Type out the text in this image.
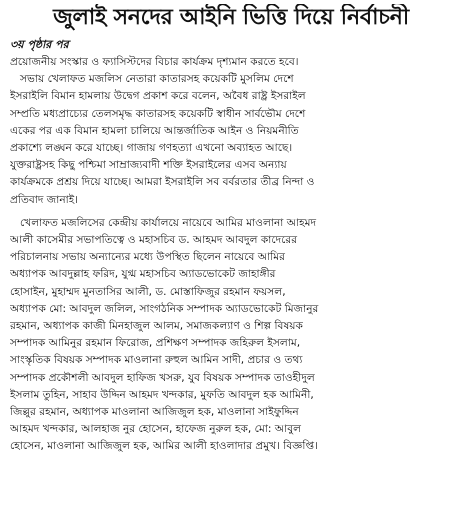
জুলাই সনদের আইনি ভিত্তি দিয়ে নির্বাচনী
৩য় পৃষ্ঠার পর

প্রয়োজনীয় সংস্কার ও ফ্যাসিস্টদের বিচার কার্যক্রম দৃশ্যমান করতে হবে।
সভায় খেলাফত মজলিস নেতারা কাতারসহ কয়েকটি মুসলিম দেশে
ইসরাইলি বিমান হামলায় উদ্বেগ প্রকাশ করে বলেন, অবৈধ রাষ্ট্র ইসরাইল
সম্প্রতি মধ্যপ্রাচ্যের তেলসমৃদ্ধ কাতারসহ কয়েকটি স্বাধীন সার্বভৌম দেশে
একের পর এক বিমান হামলা চালিয়ে আন্তর্জাতিক আইন ও নিয়মনীতি
প্রকাশ্যে লঙ্ঘন করে যাচ্ছে। গাজায় গণহত্যা এখনো অব্যাহত আছে।
যুক্তরাষ্ট্রসহ কিছু পশ্চিমা সাম্রাজ্যবাদী শক্তি ইসরাইলের এসব অন্যায়
কার্যক্রমকে প্রশ্রয় দিয়ে যাচ্ছে। আমরা ইসরাইলি সব বর্বরতার তীব্র নিন্দা ও
প্রতিবাদ জানাই।

খেলাফত মজলিসের কেন্দ্রীয় কার্যালয়ে নায়েবে আমির মাওলানা আহমদ
আলী কাসেমীর সভাপতিত্বে ও মহাসচিব ড. আহমদ আবদুল কাদেরের
পরিচালনায় সভায় অন্যান্যের মধ্যে উপস্থিত ছিলেন নায়েবে আমির
অধ্যাপক আবদুল্লাহ ফরিদ, যুগ্ম মহাসচিব অ্যাডভোকেট জাহাঙ্গীর
হোসাইন, মুহাম্মদ মুনতাসির আলী, ড. মোস্তাফিজুর রহমান ফয়সল,
অধ্যাপক মো: আবদুল জলিল, সাংগঠনিক সম্পাদক অ্যাডভোকেট মিজানুর
রহমান, অধ্যাপক কাজী মিনহাজুল আলম, সমাজকল্যাণ ও শিল্প বিষয়ক
সম্পাদক আমিনুর রহমান ফিরোজ, প্রশিক্ষণ সম্পাদক জহিরুল ইসলাম,
সাংস্কৃতিক বিষয়ক সম্পাদক মাওলানা রুহুল আমিন সাদী, প্রচার ও তথ্য
সম্পাদক প্রকৌশলী আবদুল হাফিজ খসরু, যুব বিষয়ক সম্পাদক তাওহীদুল
ইসলাম তুহিন, সাহাব উদ্দিন আহমদ খন্দকার, মুফতি আবদুল হক আমিনী,
জিল্লুর রহমান, অধ্যাপক মাওলানা আজিজুল হক, মাওলানা সাইফুদ্দিন
আহমদ খন্দকার, আলহাজ নুর হোসেন, হাফেজ নুরুল হক, মো: আবুল
হোসেন, মাওলানা আজিজুল হক, আমির আলী হাওলাদার প্রমুখ। বিজ্ঞপ্তি।
